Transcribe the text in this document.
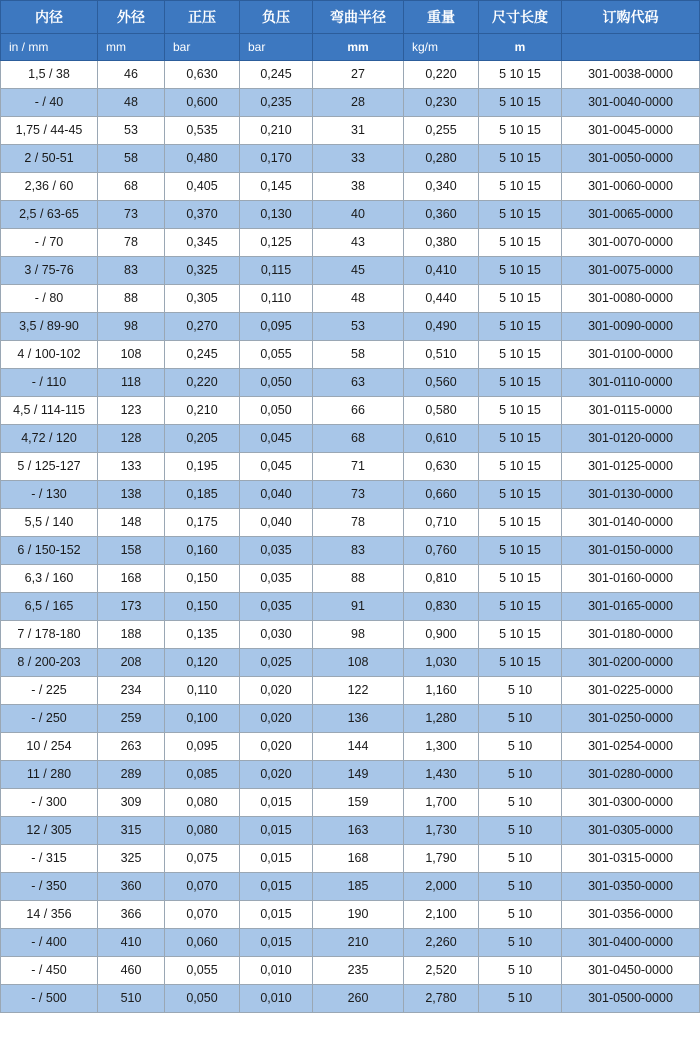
内径	外径	正压	负压	弯曲半径	重量	尺寸长度	订购代码
in / mm	mm	bar	bar	mm	kg/m	m	
1,5 / 38	46	0,630	0,245	27	0,220	5 10 15	301-0038-0000
- / 40	48	0,600	0,235	28	0,230	5 10 15	301-0040-0000
1,75 / 44-45	53	0,535	0,210	31	0,255	5 10 15	301-0045-0000
2 / 50-51	58	0,480	0,170	33	0,280	5 10 15	301-0050-0000
2,36 / 60	68	0,405	0,145	38	0,340	5 10 15	301-0060-0000
2,5 / 63-65	73	0,370	0,130	40	0,360	5 10 15	301-0065-0000
- / 70	78	0,345	0,125	43	0,380	5 10 15	301-0070-0000
3 / 75-76	83	0,325	0,115	45	0,410	5 10 15	301-0075-0000
- / 80	88	0,305	0,110	48	0,440	5 10 15	301-0080-0000
3,5 / 89-90	98	0,270	0,095	53	0,490	5 10 15	301-0090-0000
4 / 100-102	108	0,245	0,055	58	0,510	5 10 15	301-0100-0000
- / 110	118	0,220	0,050	63	0,560	5 10 15	301-0110-0000
4,5 / 114-115	123	0,210	0,050	66	0,580	5 10 15	301-0115-0000
4,72 / 120	128	0,205	0,045	68	0,610	5 10 15	301-0120-0000
5 / 125-127	133	0,195	0,045	71	0,630	5 10 15	301-0125-0000
- / 130	138	0,185	0,040	73	0,660	5 10 15	301-0130-0000
5,5 / 140	148	0,175	0,040	78	0,710	5 10 15	301-0140-0000
6 / 150-152	158	0,160	0,035	83	0,760	5 10 15	301-0150-0000
6,3 / 160	168	0,150	0,035	88	0,810	5 10 15	301-0160-0000
6,5 / 165	173	0,150	0,035	91	0,830	5 10 15	301-0165-0000
7 / 178-180	188	0,135	0,030	98	0,900	5 10 15	301-0180-0000
8 / 200-203	208	0,120	0,025	108	1,030	5 10 15	301-0200-0000
- / 225	234	0,110	0,020	122	1,160	5 10	301-0225-0000
- / 250	259	0,100	0,020	136	1,280	5 10	301-0250-0000
10 / 254	263	0,095	0,020	144	1,300	5 10	301-0254-0000
11 / 280	289	0,085	0,020	149	1,430	5 10	301-0280-0000
- / 300	309	0,080	0,015	159	1,700	5 10	301-0300-0000
12 / 305	315	0,080	0,015	163	1,730	5 10	301-0305-0000
- / 315	325	0,075	0,015	168	1,790	5 10	301-0315-0000
- / 350	360	0,070	0,015	185	2,000	5 10	301-0350-0000
14 / 356	366	0,070	0,015	190	2,100	5 10	301-0356-0000
- / 400	410	0,060	0,015	210	2,260	5 10	301-0400-0000
- / 450	460	0,055	0,010	235	2,520	5 10	301-0450-0000
- / 500	510	0,050	0,010	260	2,780	5 10	301-0500-0000
